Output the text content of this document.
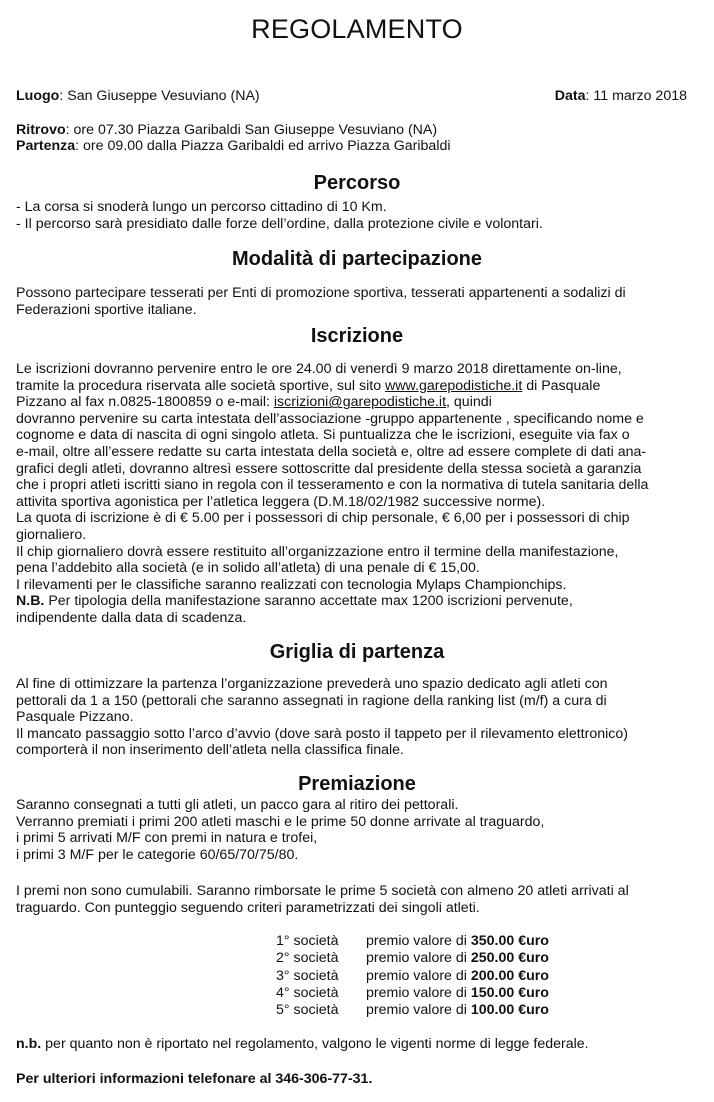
REGOLAMENTO
Luogo: San Giuseppe Vesuviano (NA)	Data: 11 marzo 2018
Ritrovo: ore 07.30 Piazza Garibaldi San Giuseppe Vesuviano (NA)
Partenza: ore 09.00 dalla Piazza Garibaldi ed arrivo Piazza Garibaldi
Percorso

- La corsa si snoderà lungo un percorso cittadino di 10 Km.

- Il percorso sarà presidiato dalle forze dell’ordine, dalla protezione civile e volontari.

Modalità di partecipazione

Possono partecipare tesserati per Enti di promozione sportiva, tesserati appartenenti a sodalizi di

Federazioni sportive italiane.

Iscrizione

Le iscrizioni dovranno pervenire entro le ore 24.00 di venerdì 9 marzo 2018 direttamente on-line,

tramite la procedura riservata alle società sportive, sul sito www.garepodistiche.it di Pasquale

Pizzano al fax n.0825-1800859 o e-mail: iscrizioni@garepodistiche.it, quindi

dovranno pervenire su carta intestata dell’associazione -gruppo appartenente , specificando nome e

cognome e data di nascita di ogni singolo atleta. Si puntualizza che le iscrizioni, eseguite via fax o

e-mail, oltre all’essere redatte su carta intestata della società e, oltre ad essere complete di dati ana-

grafici degli atleti, dovranno altresì essere sottoscritte dal presidente della stessa società a garanzia

che i propri atleti iscritti siano in regola con il tesseramento e con la normativa di tutela sanitaria della

attivita sportiva agonistica per l’atletica leggera (D.M.18/02/1982 successive norme).

La quota di iscrizione è di € 5.00 per i possessori di chip personale, € 6,00 per i possessori di chip

giornaliero.

Il chip giornaliero dovrà essere restituito all’organizzazione entro il termine della manifestazione,

pena l’addebito alla società (e in solido all’atleta) di una penale di € 15,00.

I rilevamenti per le classifiche saranno realizzati con tecnologia Mylaps Championchips.

N.B. Per tipologia della manifestazione saranno accettate max 1200 iscrizioni pervenute,

indipendente dalla data di scadenza.

Griglia di partenza

Al fine di ottimizzare la partenza l’organizzazione prevederà uno spazio dedicato agli atleti con

pettorali da 1 a 150 (pettorali che saranno assegnati in ragione della ranking list (m/f) a cura di

Pasquale Pizzano.

Il mancato passaggio sotto l’arco d’avvio (dove sarà posto il tappeto per il rilevamento elettronico)

comporterà il non inserimento dell’atleta nella classifica finale.

Premiazione

Saranno consegnati a tutti gli atleti, un pacco gara al ritiro dei pettorali.

Verranno premiati i primi 200 atleti maschi e le prime 50 donne arrivate al traguardo,

i primi 5 arrivati M/F con premi in natura e trofei,

i primi 3 M/F per le categorie 60/65/70/75/80.

I premi non sono cumulabili. Saranno rimborsate le prime 5 società con almeno 20 atleti arrivati al

traguardo. Con punteggio seguendo criteri parametrizzati dei singoli atleti.

1° società	premio valore di 350.00 €uro
2° società	premio valore di 250.00 €uro
3° società	premio valore di 200.00 €uro
4° società	premio valore di 150.00 €uro
5° società	premio valore di 100.00 €uro
n.b. per quanto non è riportato nel regolamento, valgono le vigenti norme di legge federale.
Per ulteriori informazioni telefonare al 346-306-77-31.
